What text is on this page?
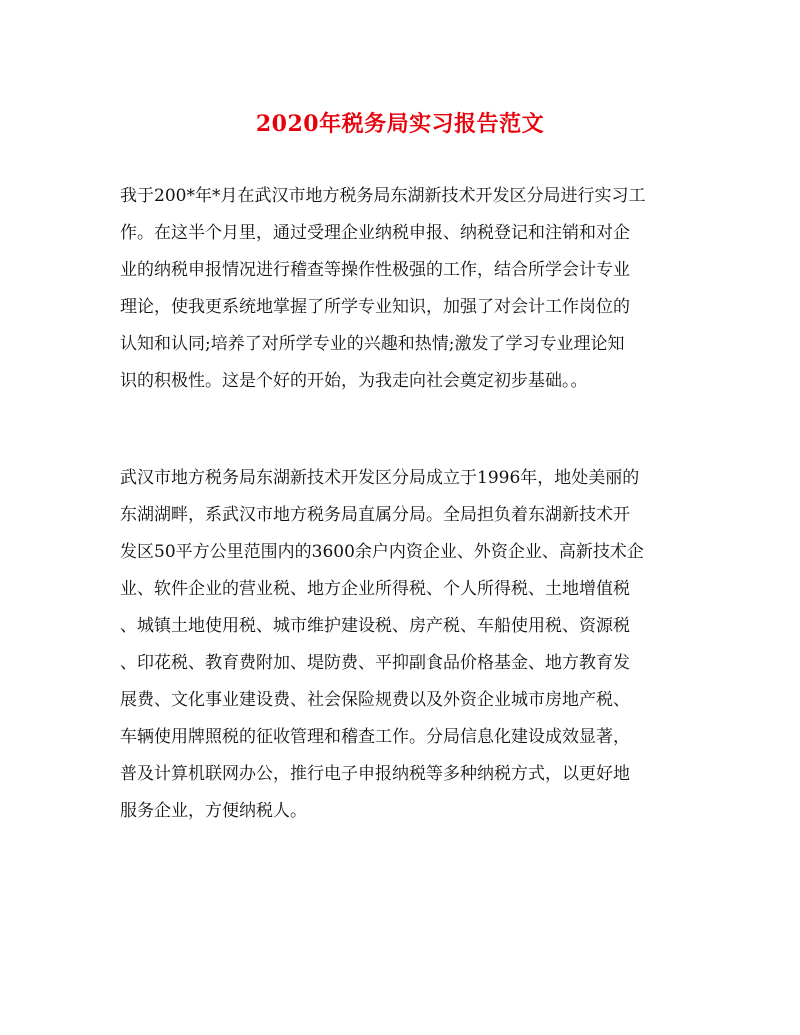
2020年税务局实习报告范文
我于200*年*月在武汉市地方税务局东湖新技术开发区分局进行实习工
作。在这半个月里，通过受理企业纳税申报、纳税登记和注销和对企
业的纳税申报情况进行稽查等操作性极强的工作，结合所学会计专业
理论，使我更系统地掌握了所学专业知识，加强了对会计工作岗位的
认知和认同;培养了对所学专业的兴趣和热情;激发了学习专业理论知
识的积极性。这是个好的开始，为我走向社会奠定初步基础。。
武汉市地方税务局东湖新技术开发区分局成立于1996年，地处美丽的
东湖湖畔，系武汉市地方税务局直属分局。全局担负着东湖新技术开
发区50平方公里范围内的3600余户内资企业、外资企业、高新技术企
业、软件企业的营业税、地方企业所得税、个人所得税、土地增值税
、城镇土地使用税、城市维护建设税、房产税、车船使用税、资源税
、印花税、教育费附加、堤防费、平抑副食品价格基金、地方教育发
展费、文化事业建设费、社会保险规费以及外资企业城市房地产税、
车辆使用牌照税的征收管理和稽查工作。分局信息化建设成效显著，
普及计算机联网办公，推行电子申报纳税等多种纳税方式，以更好地
服务企业，方便纳税人。
